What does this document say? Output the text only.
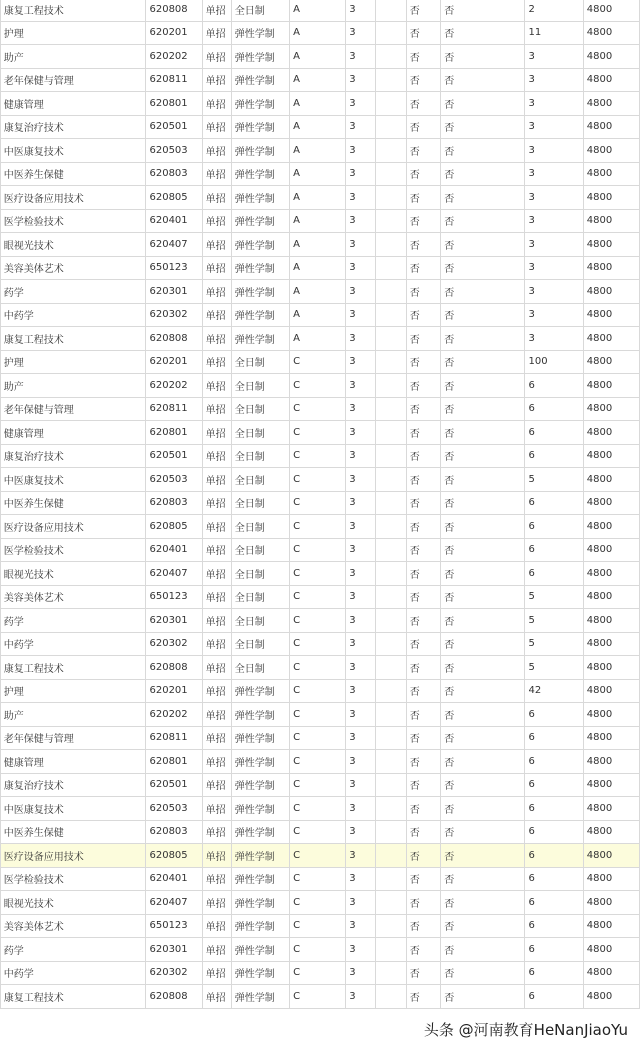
	康复工程技术	620808	单招	全日制	A	3		否	否	2	4800
	护理	620201	单招	弹性学制	A	3		否	否	11	4800
	助产	620202	单招	弹性学制	A	3		否	否	3	4800
	老年保健与管理	620811	单招	弹性学制	A	3		否	否	3	4800
	健康管理	620801	单招	弹性学制	A	3		否	否	3	4800
	康复治疗技术	620501	单招	弹性学制	A	3		否	否	3	4800
	中医康复技术	620503	单招	弹性学制	A	3		否	否	3	4800
	中医养生保健	620803	单招	弹性学制	A	3		否	否	3	4800
	医疗设备应用技术	620805	单招	弹性学制	A	3		否	否	3	4800
	医学检验技术	620401	单招	弹性学制	A	3		否	否	3	4800
	眼视光技术	620407	单招	弹性学制	A	3		否	否	3	4800
	美容美体艺术	650123	单招	弹性学制	A	3		否	否	3	4800
	药学	620301	单招	弹性学制	A	3		否	否	3	4800
	中药学	620302	单招	弹性学制	A	3		否	否	3	4800
	康复工程技术	620808	单招	弹性学制	A	3		否	否	3	4800
	护理	620201	单招	全日制	C	3		否	否	100	4800
	助产	620202	单招	全日制	C	3		否	否	6	4800
	老年保健与管理	620811	单招	全日制	C	3		否	否	6	4800
	健康管理	620801	单招	全日制	C	3		否	否	6	4800
	康复治疗技术	620501	单招	全日制	C	3		否	否	6	4800
	中医康复技术	620503	单招	全日制	C	3		否	否	5	4800
	中医养生保健	620803	单招	全日制	C	3		否	否	6	4800
	医疗设备应用技术	620805	单招	全日制	C	3		否	否	6	4800
	医学检验技术	620401	单招	全日制	C	3		否	否	6	4800
	眼视光技术	620407	单招	全日制	C	3		否	否	6	4800
	美容美体艺术	650123	单招	全日制	C	3		否	否	5	4800
	药学	620301	单招	全日制	C	3		否	否	5	4800
	中药学	620302	单招	全日制	C	3		否	否	5	4800
	康复工程技术	620808	单招	全日制	C	3		否	否	5	4800
	护理	620201	单招	弹性学制	C	3		否	否	42	4800
	助产	620202	单招	弹性学制	C	3		否	否	6	4800
	老年保健与管理	620811	单招	弹性学制	C	3		否	否	6	4800
	健康管理	620801	单招	弹性学制	C	3		否	否	6	4800
	康复治疗技术	620501	单招	弹性学制	C	3		否	否	6	4800
	中医康复技术	620503	单招	弹性学制	C	3		否	否	6	4800
	中医养生保健	620803	单招	弹性学制	C	3		否	否	6	4800
	医疗设备应用技术	620805	单招	弹性学制	C	3		否	否	6	4800
	医学检验技术	620401	单招	弹性学制	C	3		否	否	6	4800
	眼视光技术	620407	单招	弹性学制	C	3		否	否	6	4800
	美容美体艺术	650123	单招	弹性学制	C	3		否	否	6	4800
	药学	620301	单招	弹性学制	C	3		否	否	6	4800
	中药学	620302	单招	弹性学制	C	3		否	否	6	4800
	康复工程技术	620808	单招	弹性学制	C	3		否	否	6	4800
头条 @河南教育HeNanJiaoYu
